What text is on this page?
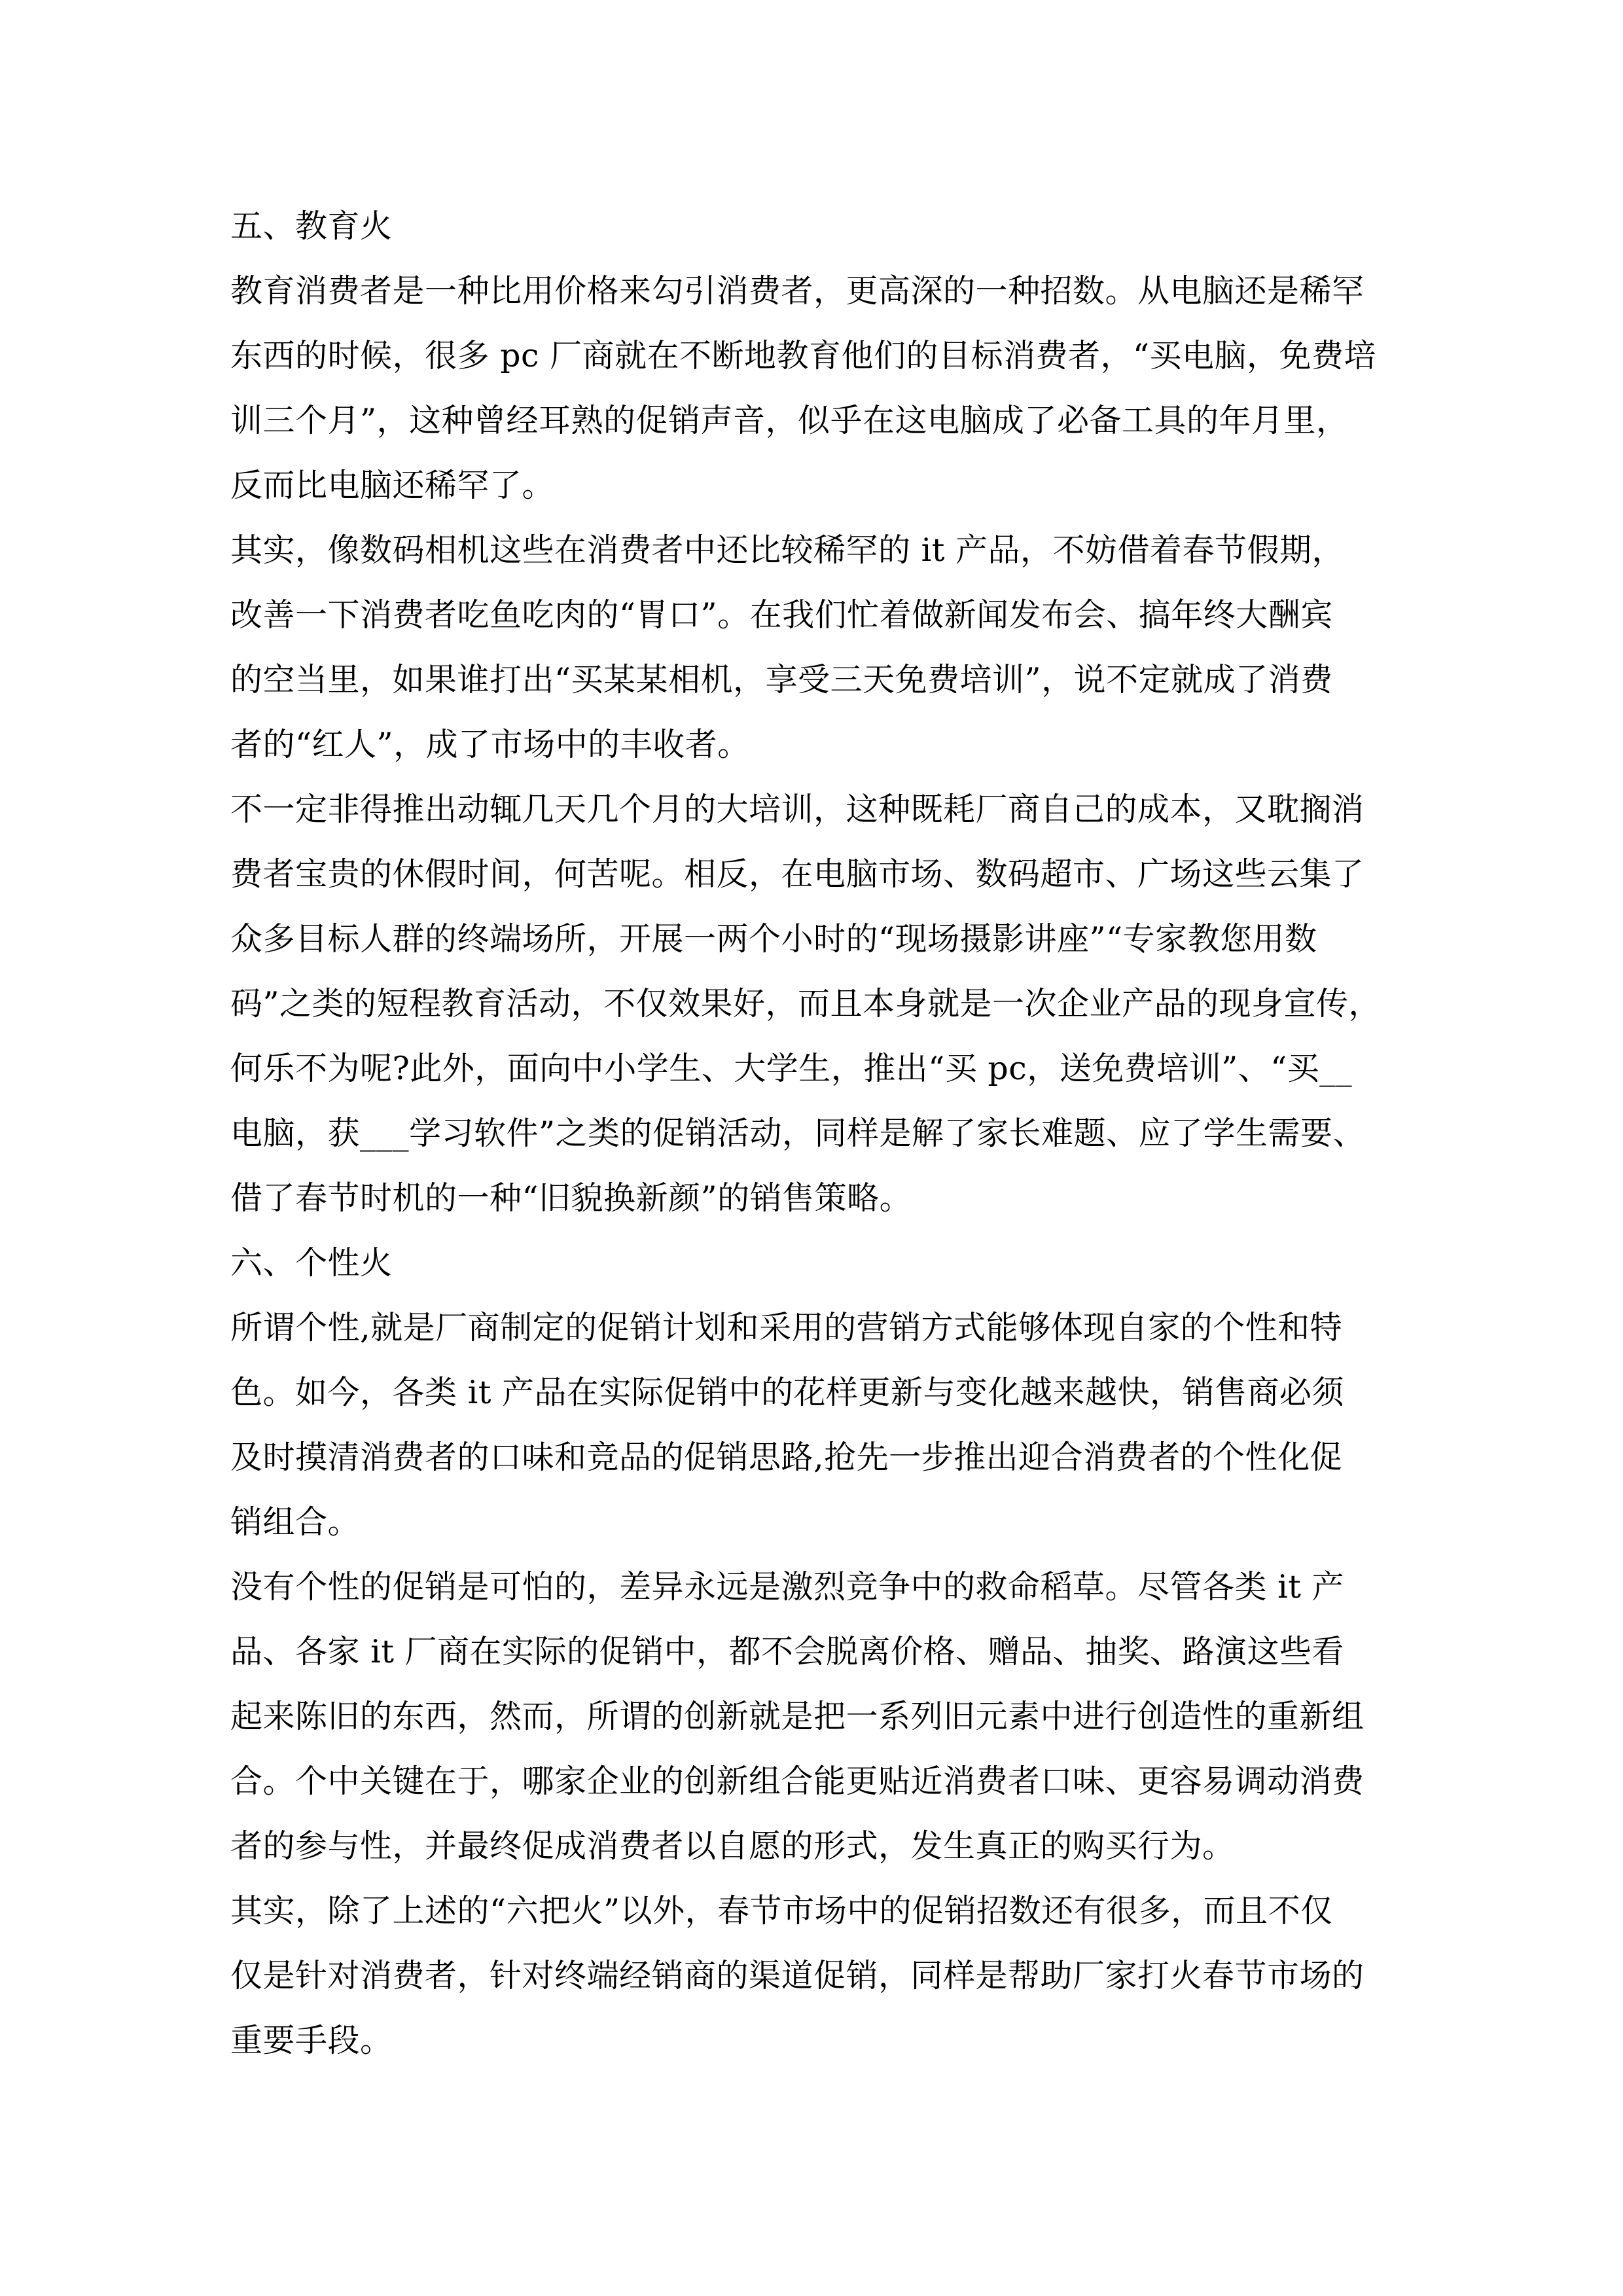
五、教育火
教育消费者是一种比用价格来勾引消费者，更高深的一种招数。从电脑还是稀罕
东西的时候，很多 pc 厂商就在不断地教育他们的目标消费者，“买电脑，免费培
训三个月”，这种曾经耳熟的促销声音，似乎在这电脑成了必备工具的年月里，
反而比电脑还稀罕了。
其实，像数码相机这些在消费者中还比较稀罕的 it 产品，不妨借着春节假期，
改善一下消费者吃鱼吃肉的“胃口”。在我们忙着做新闻发布会、搞年终大酬宾
的空当里，如果谁打出“买某某相机，享受三天免费培训”，说不定就成了消费
者的“红人”，成了市场中的丰收者。
不一定非得推出动辄几天几个月的大培训，这种既耗厂商自己的成本，又耽搁消
费者宝贵的休假时间，何苦呢。相反，在电脑市场、数码超市、广场这些云集了
众多目标人群的终端场所，开展一两个小时的“现场摄影讲座”“专家教您用数
码”之类的短程教育活动，不仅效果好，而且本身就是一次企业产品的现身宣传，
何乐不为呢?此外，面向中小学生、大学生，推出“买 pc，送免费培训”、“买__
电脑，获___学习软件”之类的促销活动，同样是解了家长难题、应了学生需要、
借了春节时机的一种“旧貌换新颜”的销售策略。
六、个性火
所谓个性,就是厂商制定的促销计划和采用的营销方式能够体现自家的个性和特
色。如今，各类 it 产品在实际促销中的花样更新与变化越来越快，销售商必须
及时摸清消费者的口味和竞品的促销思路,抢先一步推出迎合消费者的个性化促
销组合。
没有个性的促销是可怕的，差异永远是激烈竞争中的救命稻草。尽管各类 it 产
品、各家 it 厂商在实际的促销中，都不会脱离价格、赠品、抽奖、路演这些看
起来陈旧的东西，然而，所谓的创新就是把一系列旧元素中进行创造性的重新组
合。个中关键在于，哪家企业的创新组合能更贴近消费者口味、更容易调动消费
者的参与性，并最终促成消费者以自愿的形式，发生真正的购买行为。
其实，除了上述的“六把火”以外，春节市场中的促销招数还有很多，而且不仅
仅是针对消费者，针对终端经销商的渠道促销，同样是帮助厂家打火春节市场的
重要手段。
